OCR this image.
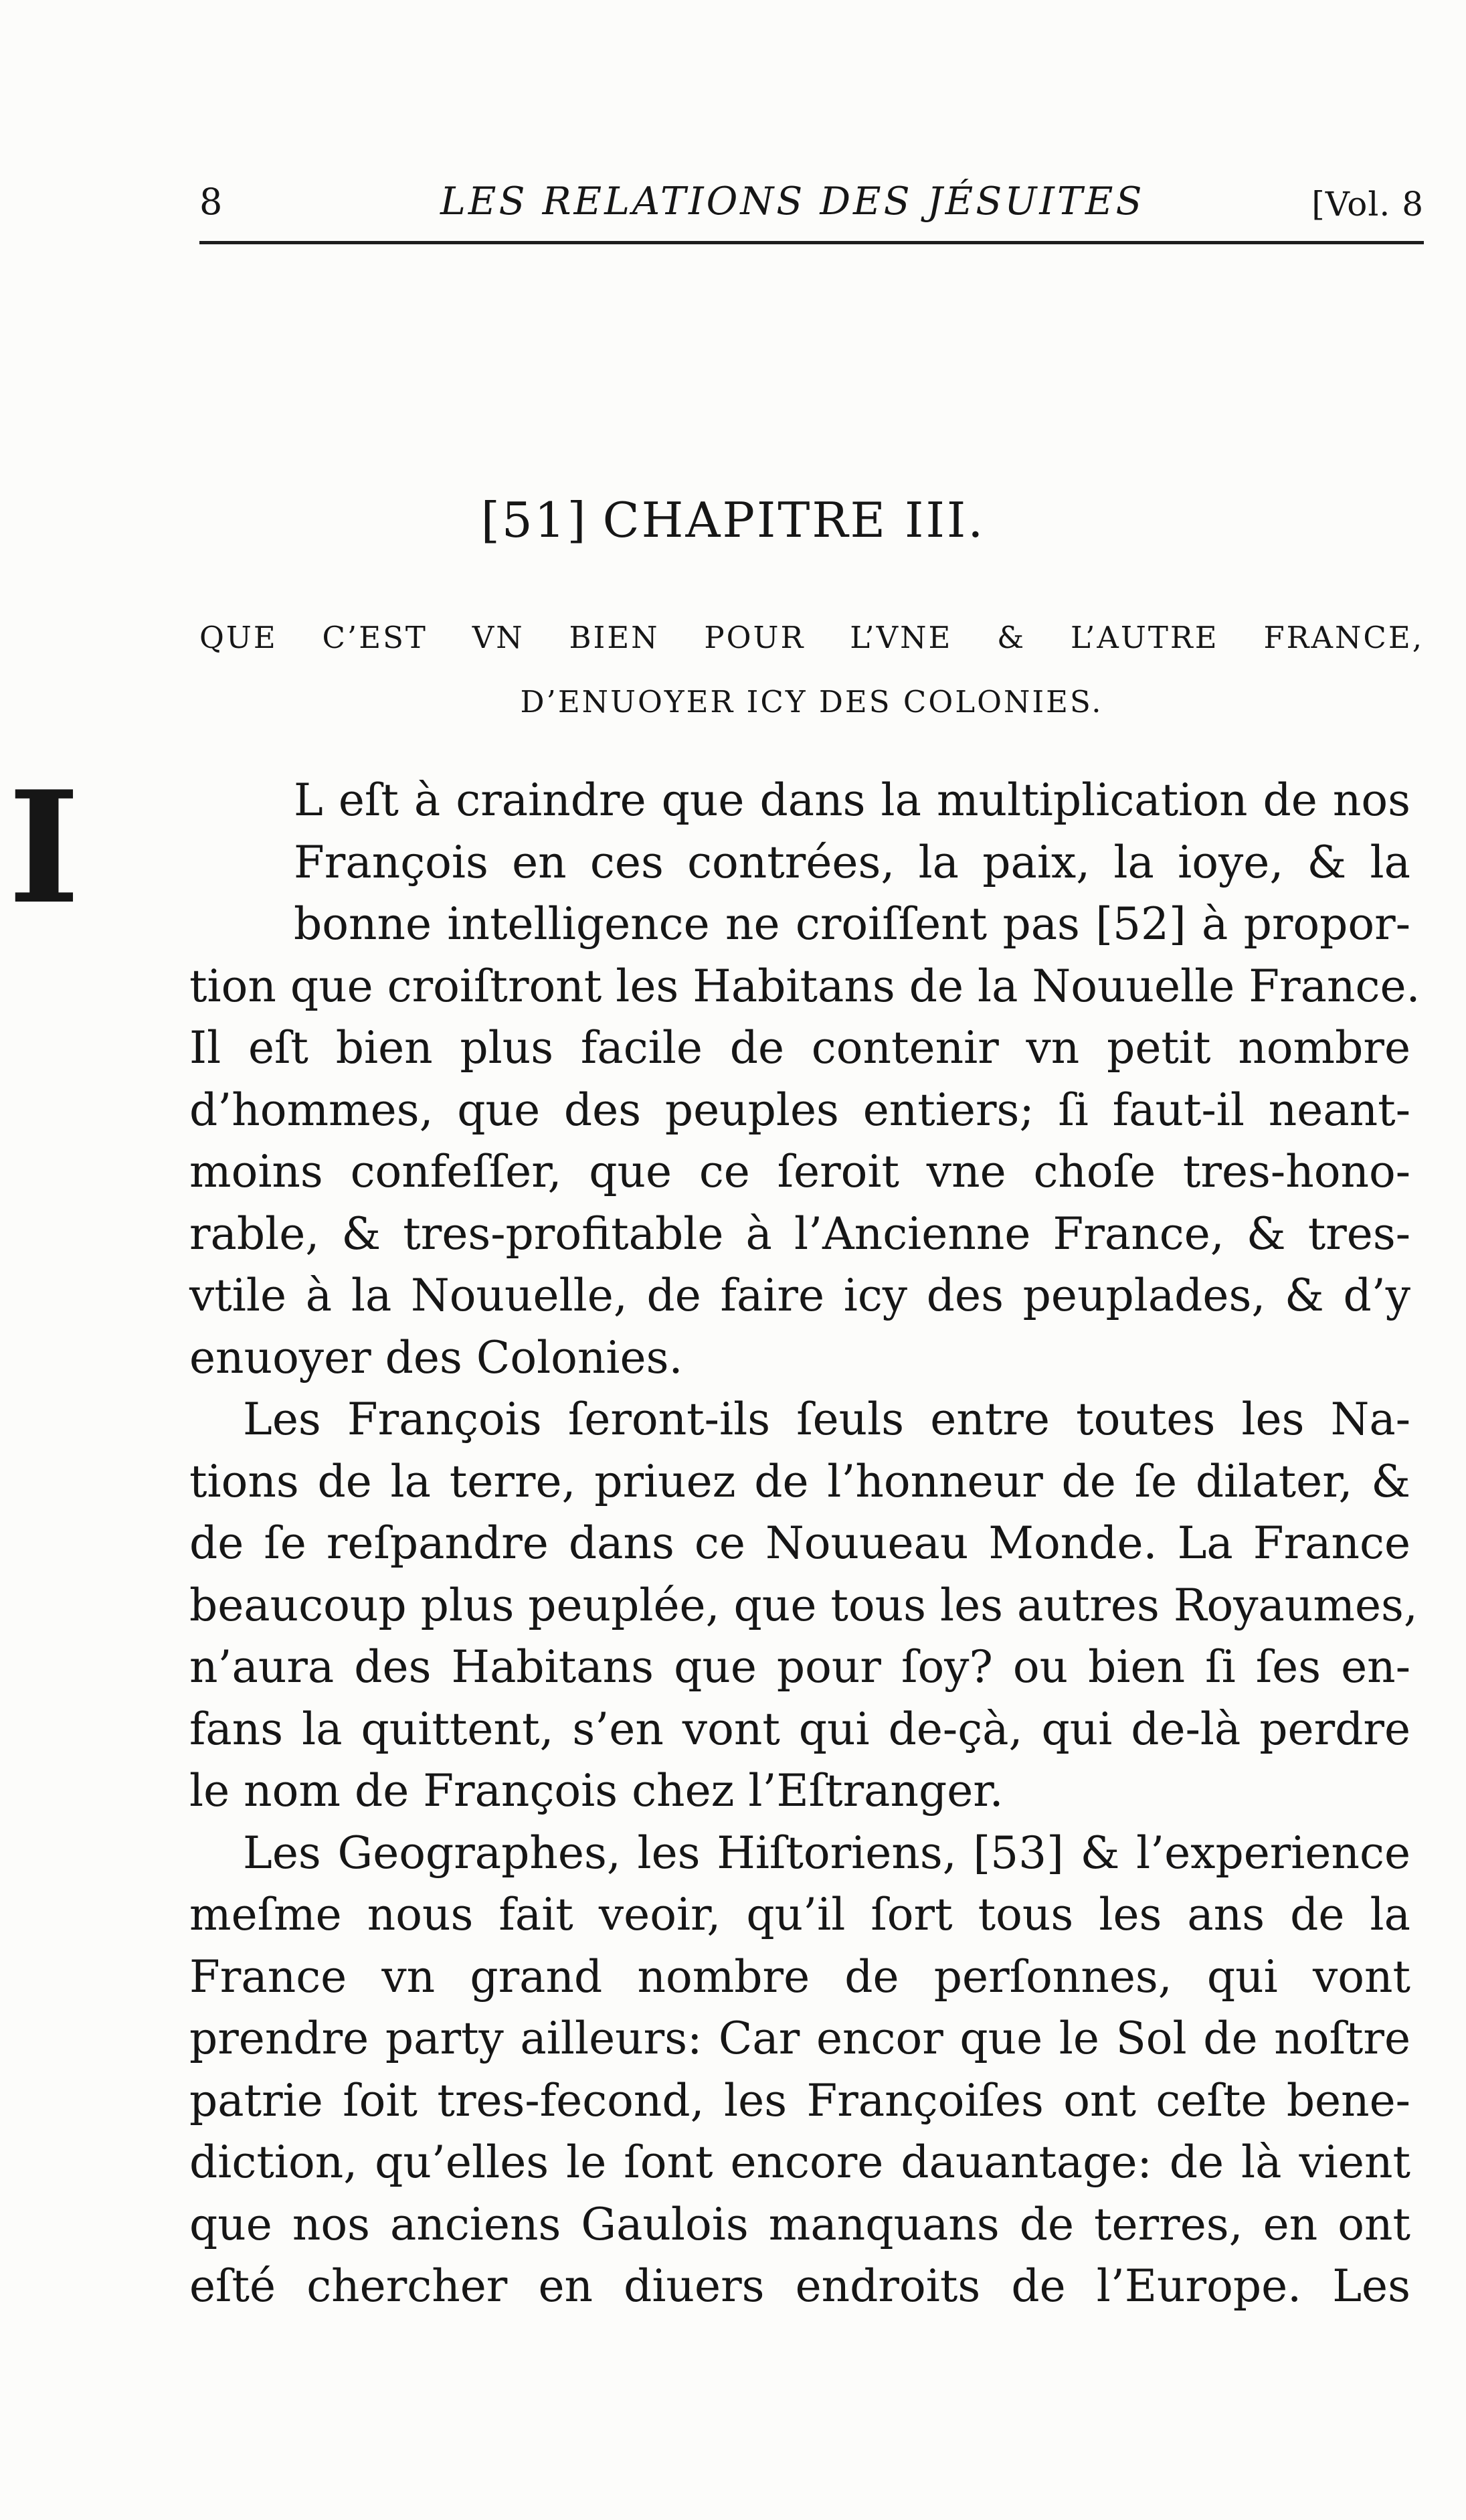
8	LES RELATIONS DES JÉSUITES	[Vol. 8
[51] CHAPITRE III.
QUE C’EST VN BIEN POUR L’VNE & L’AUTRE FRANCE,
D’ENUOYER ICY DES COLONIES.
I	L eſt à craindre que dans la multiplication de nos
François en ces contrées, la paix, la ioye, & la
bonne intelligence ne croiſſent pas [52] à propor-
tion que croiſtront les Habitans de la Nouuelle France.
Il eſt bien plus facile de contenir vn petit nombre
d’hommes, que des peuples entiers; ſi faut-il neant-
moins confeſſer, que ce ſeroit vne choſe tres-hono-
rable, & tres-profitable à l’Ancienne France, & tres-
vtile à la Nouuelle, de faire icy des peuplades, & d’y
enuoyer des Colonies.
Les François ſeront-ils ſeuls entre toutes les Na-
tions de la terre, priuez de l’honneur de ſe dilater, &
de ſe reſpandre dans ce Nouueau Monde. La France
beaucoup plus peuplée, que tous les autres Royaumes,
n’aura des Habitans que pour ſoy? ou bien ſi ſes en-
fans la quittent, s’en vont qui de-çà, qui de-là perdre
le nom de François chez l’Eſtranger.
Les Geographes, les Hiſtoriens, [53] & l’experience
meſme nous fait veoir, qu’il ſort tous les ans de la
France vn grand nombre de perſonnes, qui vont
prendre party ailleurs: Car encor que le Sol de noſtre
patrie ſoit tres-fecond, les Françoiſes ont ceſte bene-
diction, qu’elles le ſont encore dauantage: de là vient
que nos anciens Gaulois manquans de terres, en ont
eſté chercher en diuers endroits de l’Europe. Les
